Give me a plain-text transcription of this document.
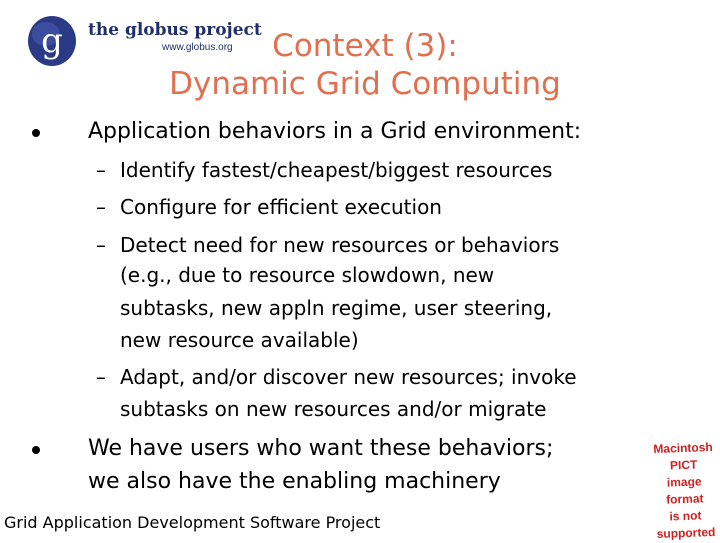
g the globus project
www.globus.org	Context (3):
Dynamic Grid Computing
Application behaviors in a Grid environment:
– Identify fastest/cheapest/biggest resources
– Configure for efficient execution
– Detect need for new resources or behaviors
(e.g., due to resource slowdown, new
subtasks, new appln regime, user steering,
new resource available)
– Adapt, and/or discover new resources; invoke
subtasks on new resources and/or migrate
We have users who want these behaviors;
we also have the enabling machinery
Macintosh PICT
image format
is not supported
Grid Application Development Software Project
